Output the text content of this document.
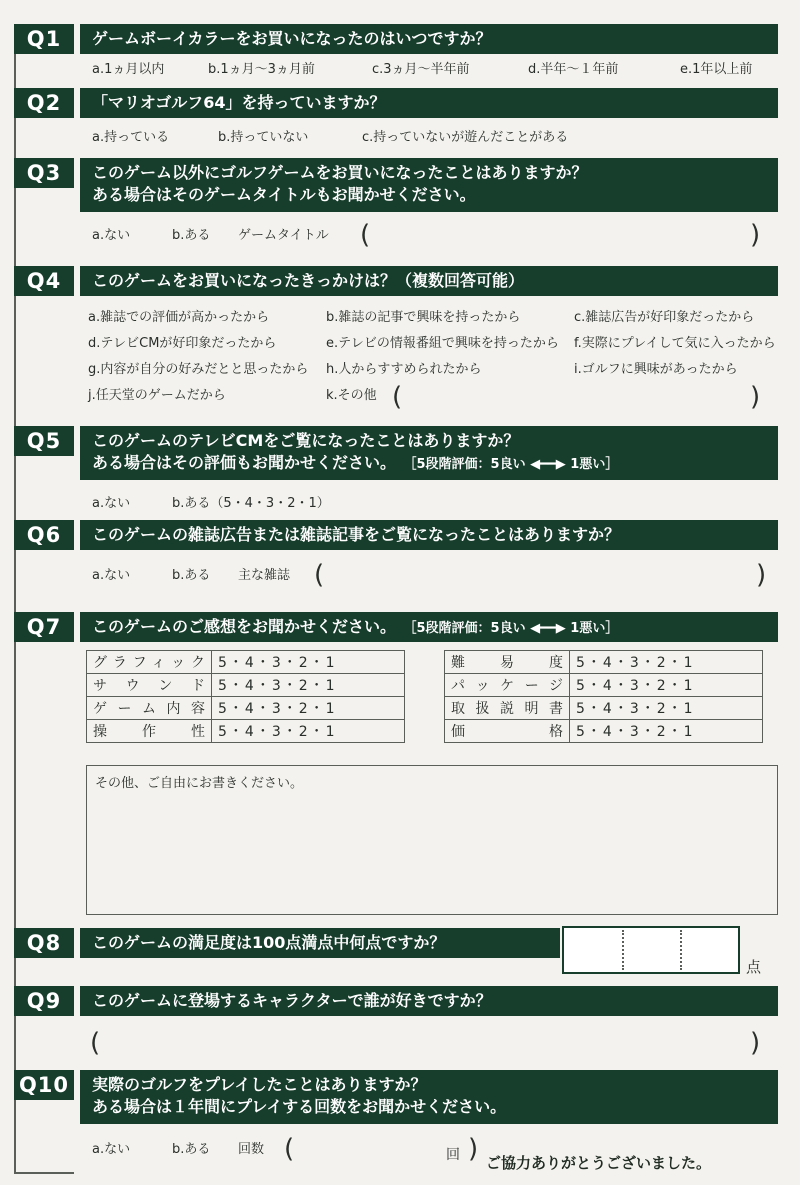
Q1	ゲームボーイカラーをお買いになったのはいつですか？
a.1ヵ月以内	b.1ヵ月～3ヵ月前	c.3ヵ月～半年前	d.半年～１年前	e.1年以上前
Q2	「マリオゴルフ64」を持っていますか？
a.持っている	b.持っていない	c.持っていないが遊んだことがある
Q3	このゲーム以外にゴルフゲームをお買いになったことはありますか？
ある場合はそのゲームタイトルもお聞かせください。
a.ない	b.ある ゲームタイトル (	)
Q4	このゲームをお買いになったきっかけは？（複数回答可能）
a.雑誌での評価が高かったから	b.雑誌の記事で興味を持ったから	c.雑誌広告が好印象だったから
d.テレビCMが好印象だったから	e.テレビの情報番組で興味を持ったから f.実際にプレイして気に入ったから
g.内容が自分の好みだとと思ったから h.人からすすめられたから	i.ゴルフに興味があったから
j.任天堂のゲームだから	k.その他 (	)
Q5	このゲームのテレビCMをご覧になったことはありますか？
ある場合はその評価もお聞かせください。 ［5段階評価：5良い ◀━━▶ 1悪い］
a.ない	b.ある（5・4・3・2・1）
Q6	このゲームの雑誌広告または雑誌記事をご覧になったことはありますか？
a.ない	b.ある 主な雑誌 (	)
Q7	このゲームのご感想をお聞かせください。 ［5段階評価：5良い ◀━━▶ 1悪い］
グラフィック	5・4・3・2・1
サウンド	5・4・3・2・1
ゲーム内容	5・4・3・2・1
操作性	5・4・3・2・1
難易度	5・4・3・2・1
パッケージ	5・4・3・2・1
取扱説明書	5・4・3・2・1
価格	5・4・3・2・1
その他、ご自由にお書きください。
Q8	このゲームの満足度は100点満点中何点ですか？
点
Q9	このゲームに登場するキャラクターで誰が好きですか？
(	)
Q10	実際のゴルフをプレイしたことはありますか？
ある場合は１年間にプレイする回数をお聞かせください。
a.ない	b.ある 回数 (	回 ) ご協力ありがとうございました。
